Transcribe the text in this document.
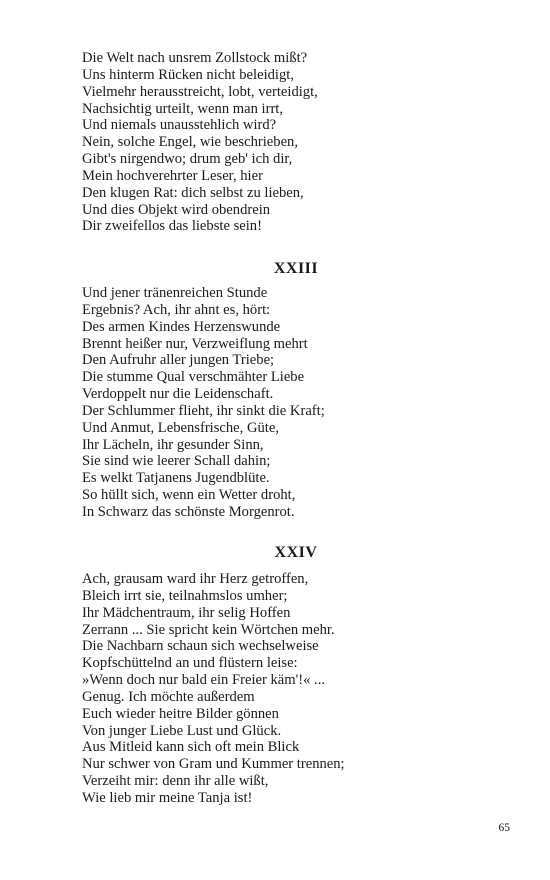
Die Welt nach unsrem Zollstock mißt?
Uns hinterm Rücken nicht beleidigt,
Vielmehr herausstreicht, lobt, verteidigt,
Nachsichtig urteilt, wenn man irrt,
Und niemals unausstehlich wird?
Nein, solche Engel, wie beschrieben,
Gibt's nirgendwo; drum geb' ich dir,
Mein hochverehrter Leser, hier
Den klugen Rat: dich selbst zu lieben,
Und dies Objekt wird obendrein
Dir zweifellos das liebste sein!
XXIII
Und jener tränenreichen Stunde
Ergebnis? Ach, ihr ahnt es, hört:
Des armen Kindes Herzenswunde
Brennt heißer nur, Verzweiflung mehrt
Den Aufruhr aller jungen Triebe;
Die stumme Qual verschmähter Liebe
Verdoppelt nur die Leidenschaft.
Der Schlummer flieht, ihr sinkt die Kraft;
Und Anmut, Lebensfrische, Güte,
Ihr Lächeln, ihr gesunder Sinn,
Sie sind wie leerer Schall dahin;
Es welkt Tatjanens Jugendblüte.
So hüllt sich, wenn ein Wetter droht,
In Schwarz das schönste Morgenrot.
XXIV
Ach, grausam ward ihr Herz getroffen,
Bleich irrt sie, teilnahmslos umher;
Ihr Mädchentraum, ihr selig Hoffen
Zerrann ... Sie spricht kein Wörtchen mehr.
Die Nachbarn schaun sich wechselweise
Kopfschüttelnd an und flüstern leise:
»Wenn doch nur bald ein Freier käm'!« ...
Genug. Ich möchte außerdem
Euch wieder heitre Bilder gönnen
Von junger Liebe Lust und Glück.
Aus Mitleid kann sich oft mein Blick
Nur schwer von Gram und Kummer trennen;
Verzeiht mir: denn ihr alle wißt,
Wie lieb mir meine Tanja ist!
65
